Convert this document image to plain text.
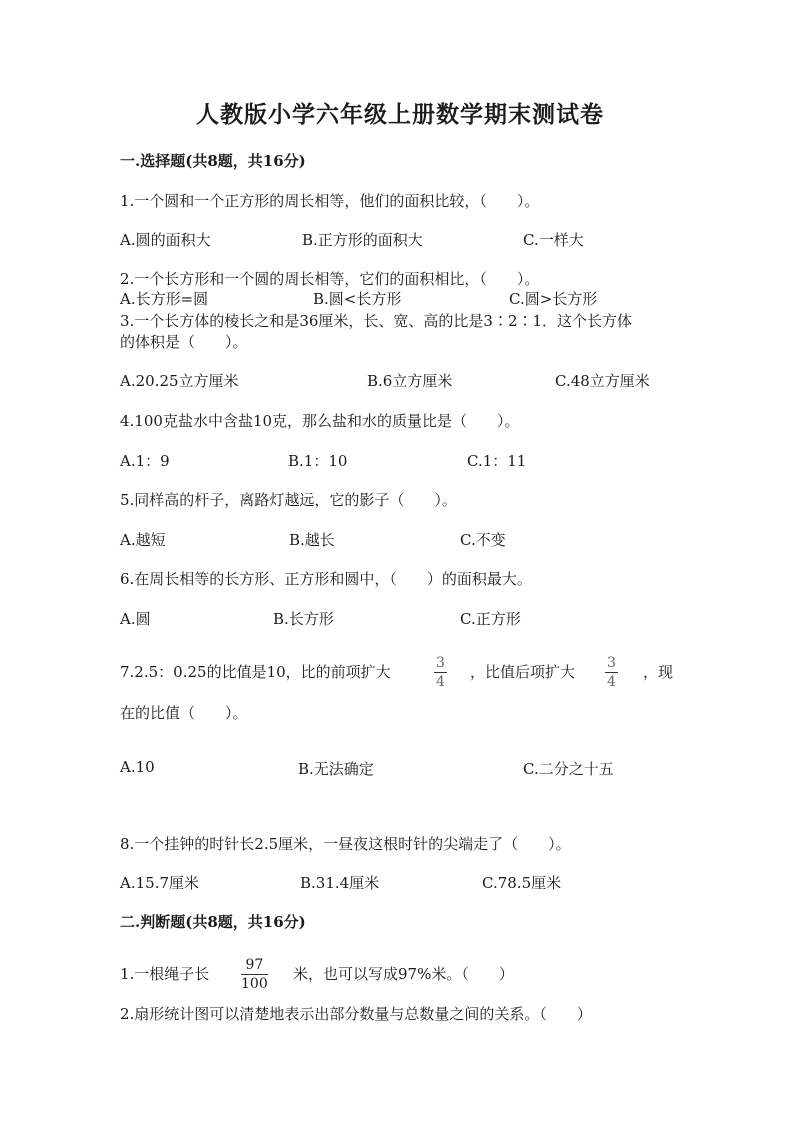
人教版小学六年级上册数学期末测试卷
一.选择题(共8题，共16分)
1.一个圆和一个正方形的周长相等，他们的面积比较，（　　）。
A.圆的面积大	B.正方形的面积大	C.一样大
2.一个长方形和一个圆的周长相等，它们的面积相比，（　　）。
A.长方形=圆	B.圆<长方形	C.圆>长方形
3.一个长方体的棱长之和是36厘米，长、宽、高的比是3∶2∶1．这个长方体
的体积是（　　）。
A.20.25立方厘米	B.6立方厘米	C.48立方厘米
4.100克盐水中含盐10克，那么盐和水的质量比是（　　）。
A.1：9	B.1：10	C.1：11
5.同样高的杆子，离路灯越远，它的影子（　　）。
A.越短	B.越长	C.不变
6.在周长相等的长方形、正方形和圆中，（　　）的面积最大。
A.圆	B.长方形	C.正方形
7.2.5：0.25的比值是10，比的前项扩大	$\frac{3}{4}$ ，比值后项扩大 $\frac{3}{4}$ ，现
在的比值（　　）。
A.10	B.无法确定	C.二分之十五
8.一个挂钟的时针长2.5厘米，一昼夜这根时针的尖端走了（　　）。
A.15.7厘米	B.31.4厘米	C.78.5厘米
二.判断题(共8题，共16分)
1.一根绳子长 $\frac{97}{100}$ 米，也可以写成97%米。（　　）
2.扇形统计图可以清楚地表示出部分数量与总数量之间的关系。（　　）
